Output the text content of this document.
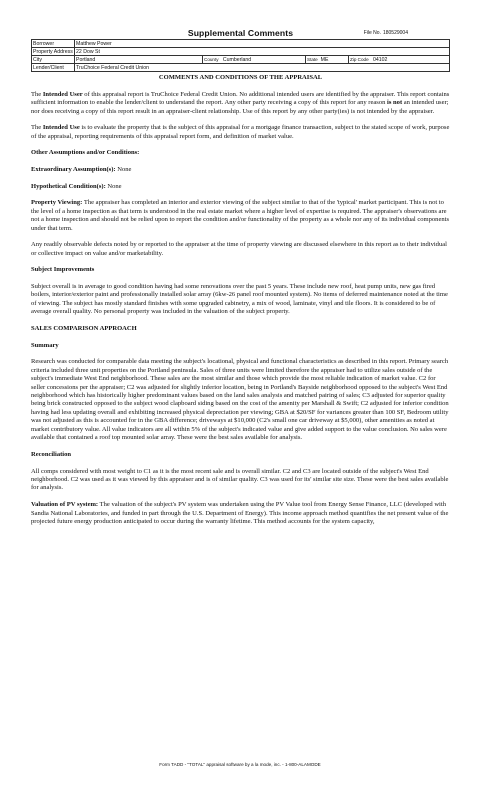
Supplemental Comments	File No. 180529004
Borrower	Matthew Power			
Property Address	22 Dow St			
City	Portland	County Cumberland	State ME	Zip Code 04102
Lender/Client	TruChoice Federal Credit Union			

COMMENTS AND CONDITIONS OF THE APPRAISAL

The Intended User of this appraisal report is TruChoice Federal Credit Union. No additional intended users are identified by the appraiser. This report contains sufficient information to enable the lender/client to understand the report. Any other party receiving a copy of this report for any reason is not an intended user; nor does receiving a copy of this report result in an appraiser-client relationship. Use of this report by any other party(ies) is not intended by the appraiser.

The Intended Use is to evaluate the property that is the subject of this appraisal for a mortgage finance transaction, subject to the stated scope of work, purpose of the appraisal, reporting requirements of this appraisal report form, and definition of market value.

Other Assumptions and/or Conditions:

Extraordinary Assumption(s): None

Hypothetical Condition(s): None

Property Viewing: The appraiser has completed an interior and exterior viewing of the subject similar to that of the 'typical' market participant. This is not to the level of a home inspection as that term is understood in the real estate market where a higher level of expertise is required. The appraiser's observations are not a home inspection and should not be relied upon to report the condition and/or functionality of the property as a whole nor any of its individual components under that term.

Any readily observable defects noted by or reported to the appraiser at the time of property viewing are discussed elsewhere in this report as to their individual or collective impact on value and/or marketability.

Subject Improvements

Subject overall is in average to good condition having had some renovations over the past 5 years. These include new roof, heat pump units, new gas fired boilers, interior/exterior paint and professionally installed solar array (6kw-26 panel roof mounted system). No items of deferred maintenance noted at the time of viewing. The subject has mostly standard finishes with some upgraded cabinetry, a mix of wood, laminate, vinyl and tile floors. It is considered to be of average overall quality. No personal property was included in the valuation of the subject property.

SALES COMPARISON APPROACH

Summary

Research was conducted for comparable data meeting the subject's locational, physical and functional characteristics as described in this report. Primary search criteria included three unit properties on the Portland peninsula. Sales of three units were limited therefore the appraiser had to utilize sales outside of the subject's immediate West End neighborhood. These sales are the most similar and those which provide the most reliable indication of market value. C2 for seller concessions per the appraiser; C2 was adjusted for slightly inferior location, being in Portland's Bayside neighborhood opposed to the subject's West End neighborhood which has historically higher predominant values based on the land sales analysis and matched pairing of sales; C3 adjusted for superior quality being brick constructed opposed to the subject wood clapboard siding based on the cost of the amenity per Marshall & Swift; C2 adjusted for inferior condition having had less updating overall and exhibiting increased physical depreciation per viewing; GBA at $20/SF for variances greater than 100 SF, Bedroom utility was not adjusted as this is accounted for in the GBA difference; driveways at $10,000 (C2's small one car driveway at $5,000), other amenities as noted at market contributory value. All value indicators are all within 5% of the subject's indicated value and give added support to the value conclusion. No sales were available that contained a roof top mounted solar array. These were the best sales available for analysis.

Reconciliation

All comps considered with most weight to C1 as it is the most recent sale and is overall similar. C2 and C3 are located outside of the subject's West End neighborhood. C2 was used as it was viewed by this appraiser and is of similar quality. C3 was used for its' similar site size. These were the best sales available for analysis.

Valuation of PV system: The valuation of the subject's PV system was undertaken using the PV Value tool from Energy Sense Finance, LLC (developed with Sandia National Laboratories, and funded in part through the U.S. Department of Energy). This income approach method quantifies the net present value of the projected future energy production anticipated to occur during the warranty lifetime. This method accounts for the system capacity,

Form TADD - "TOTAL" appraisal software by a la mode, inc. - 1-800-ALAMODE
